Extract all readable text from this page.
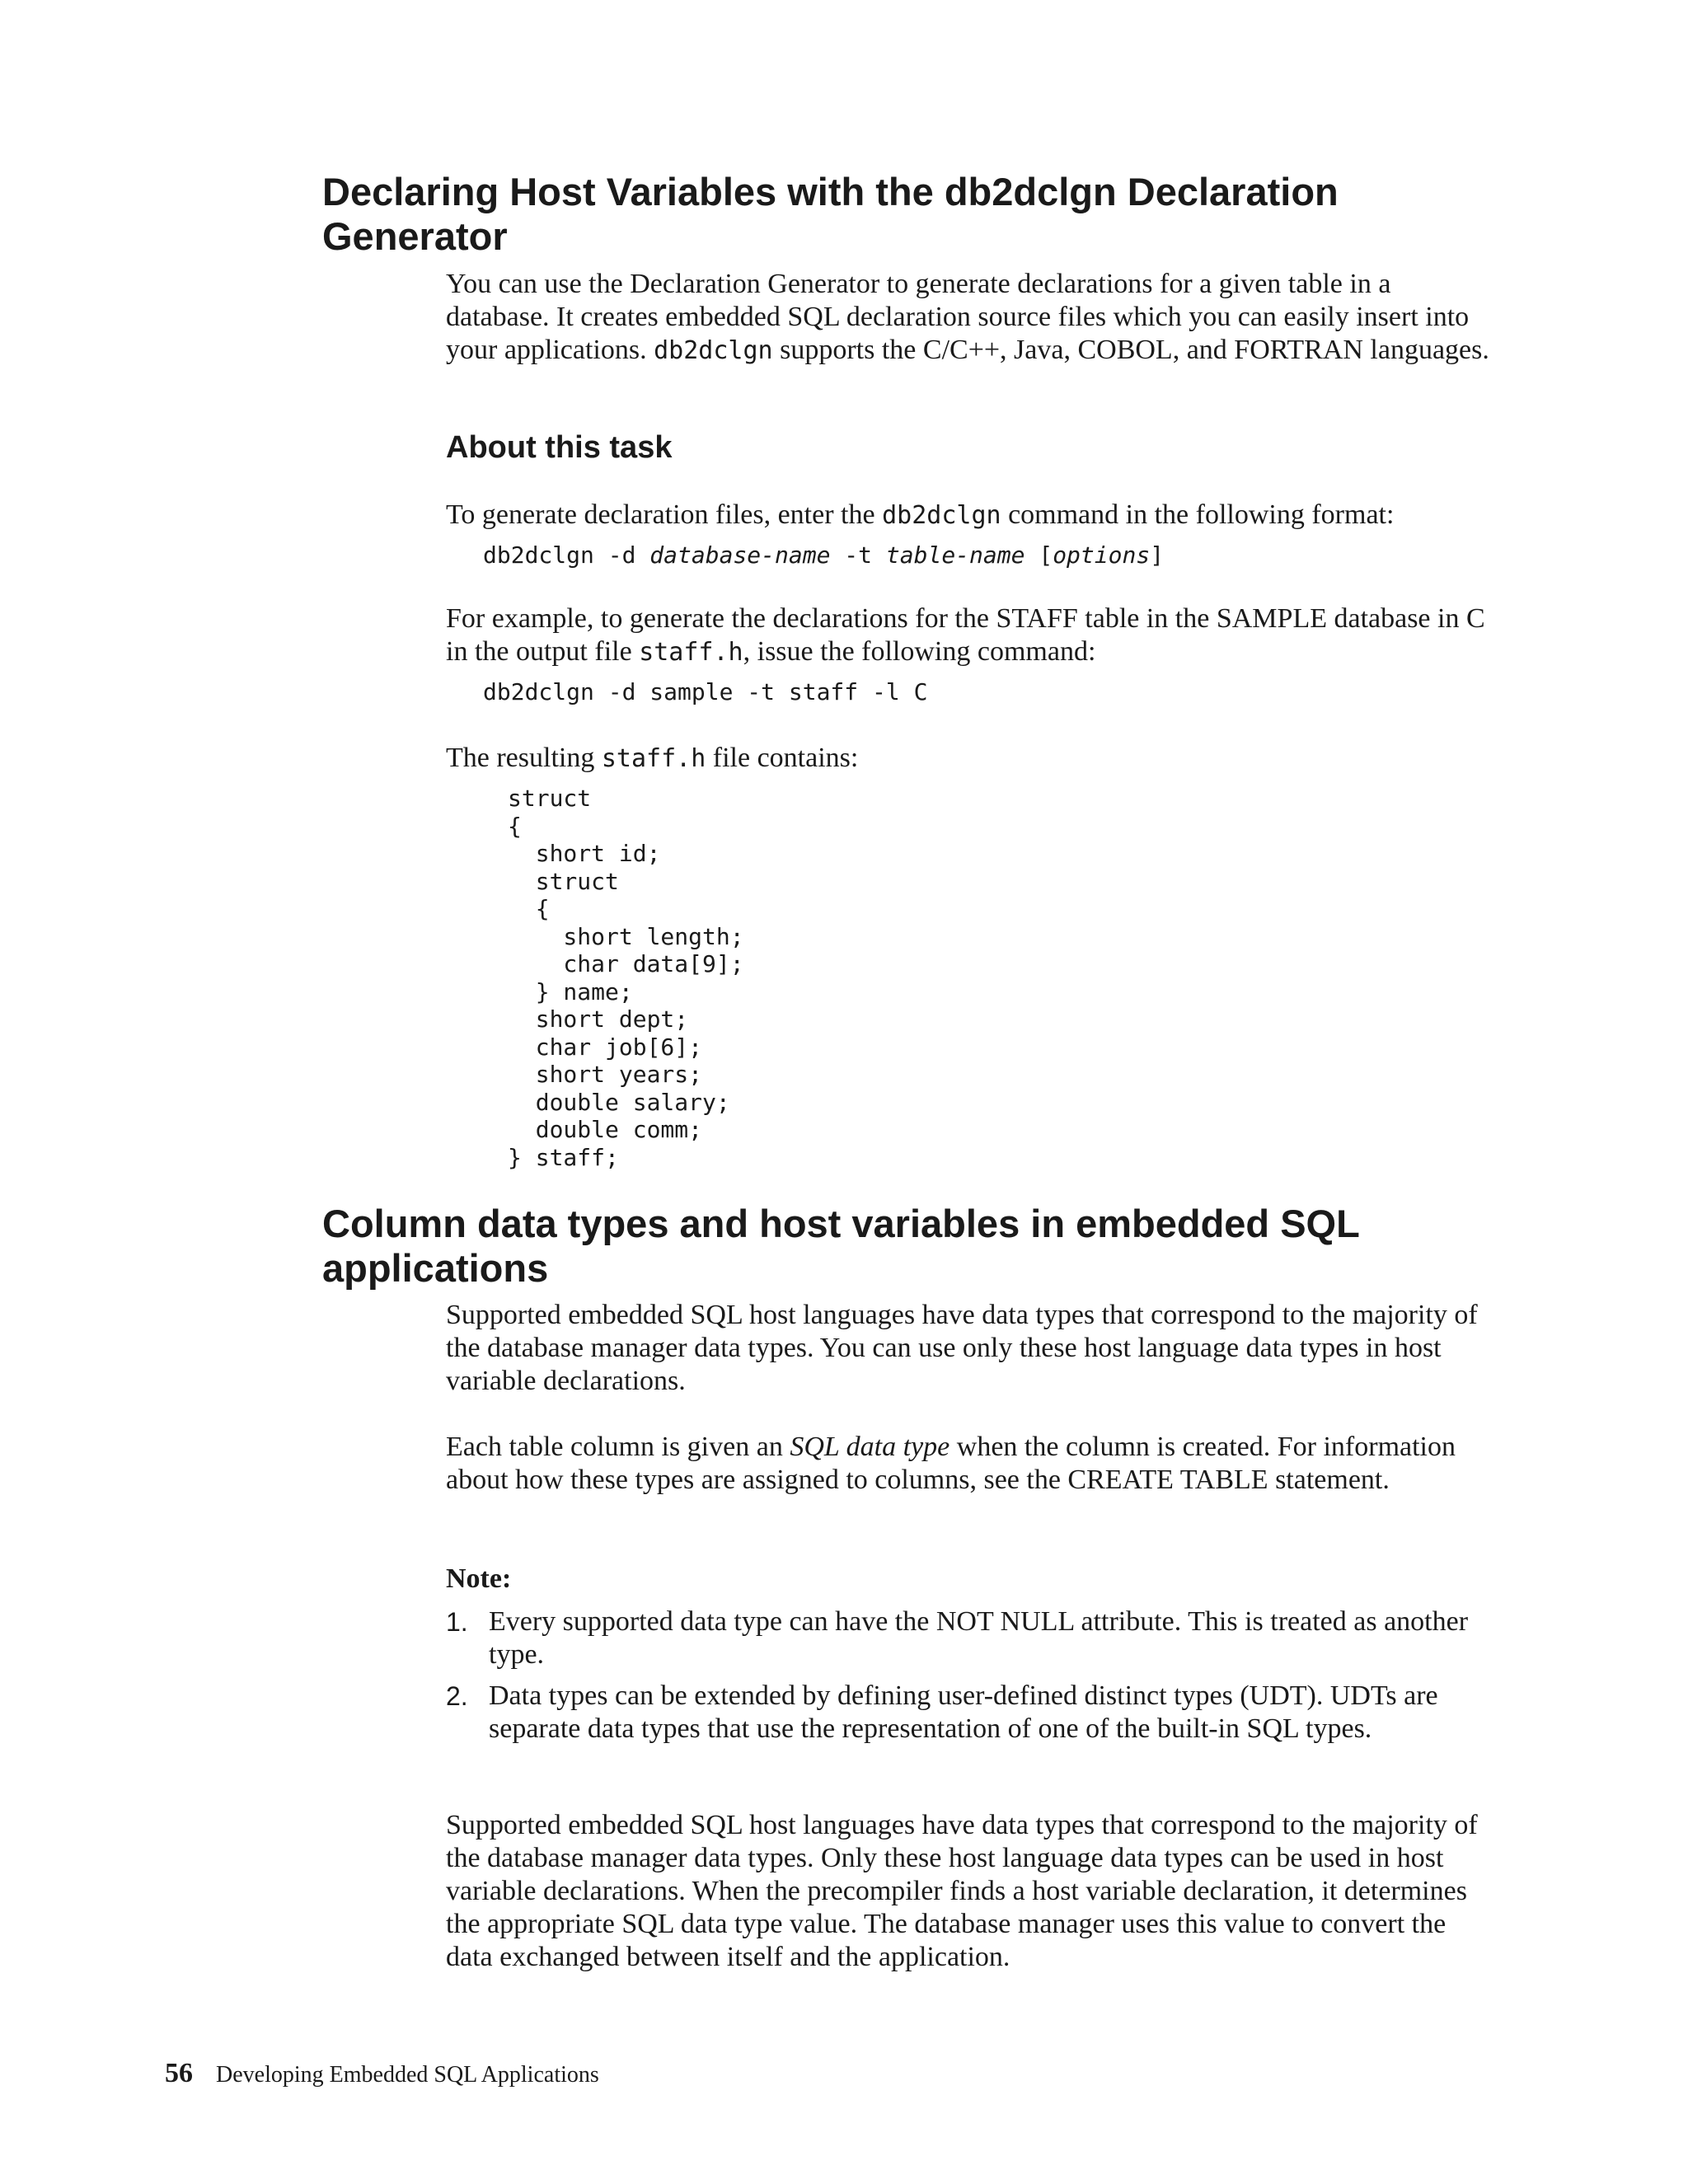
Declaring Host Variables with the db2dclgn Declaration Generator

You can use the Declaration Generator to generate declarations for a given table in a database. It creates embedded SQL declaration source files which you can easily insert into your applications. db2dclgn supports the C/C++, Java, COBOL, and FORTRAN languages.

About this task

To generate declaration files, enter the db2dclgn command in the following format:

db2dclgn -d database-name -t table-name [options]

For example, to generate the declarations for the STAFF table in the SAMPLE database in C in the output file staff.h, issue the following command:

db2dclgn -d sample -t staff -l C

The resulting staff.h file contains:

struct
{
short id;
struct
{
short length;
char data[9];
} name;
short dept;
char job[6];
short years;
double salary;
double comm;
} staff;
Column data types and host variables in embedded SQL applications

Supported embedded SQL host languages have data types that correspond to the majority of the database manager data types. You can use only these host language data types in host variable declarations.

Each table column is given an SQL data type when the column is created. For information about how these types are assigned to columns, see the CREATE TABLE statement.

Note:
1. Every supported data type can have the NOT NULL attribute. This is treated as another type.
2. Data types can be extended by defining user-defined distinct types (UDT). UDTs are separate data types that use the representation of one of the built-in SQL types.

Supported embedded SQL host languages have data types that correspond to the majority of the database manager data types. Only these host language data types can be used in host variable declarations. When the precompiler finds a host variable declaration, it determines the appropriate SQL data type value. The database manager uses this value to convert the data exchanged between itself and the application.

56 Developing Embedded SQL Applications
